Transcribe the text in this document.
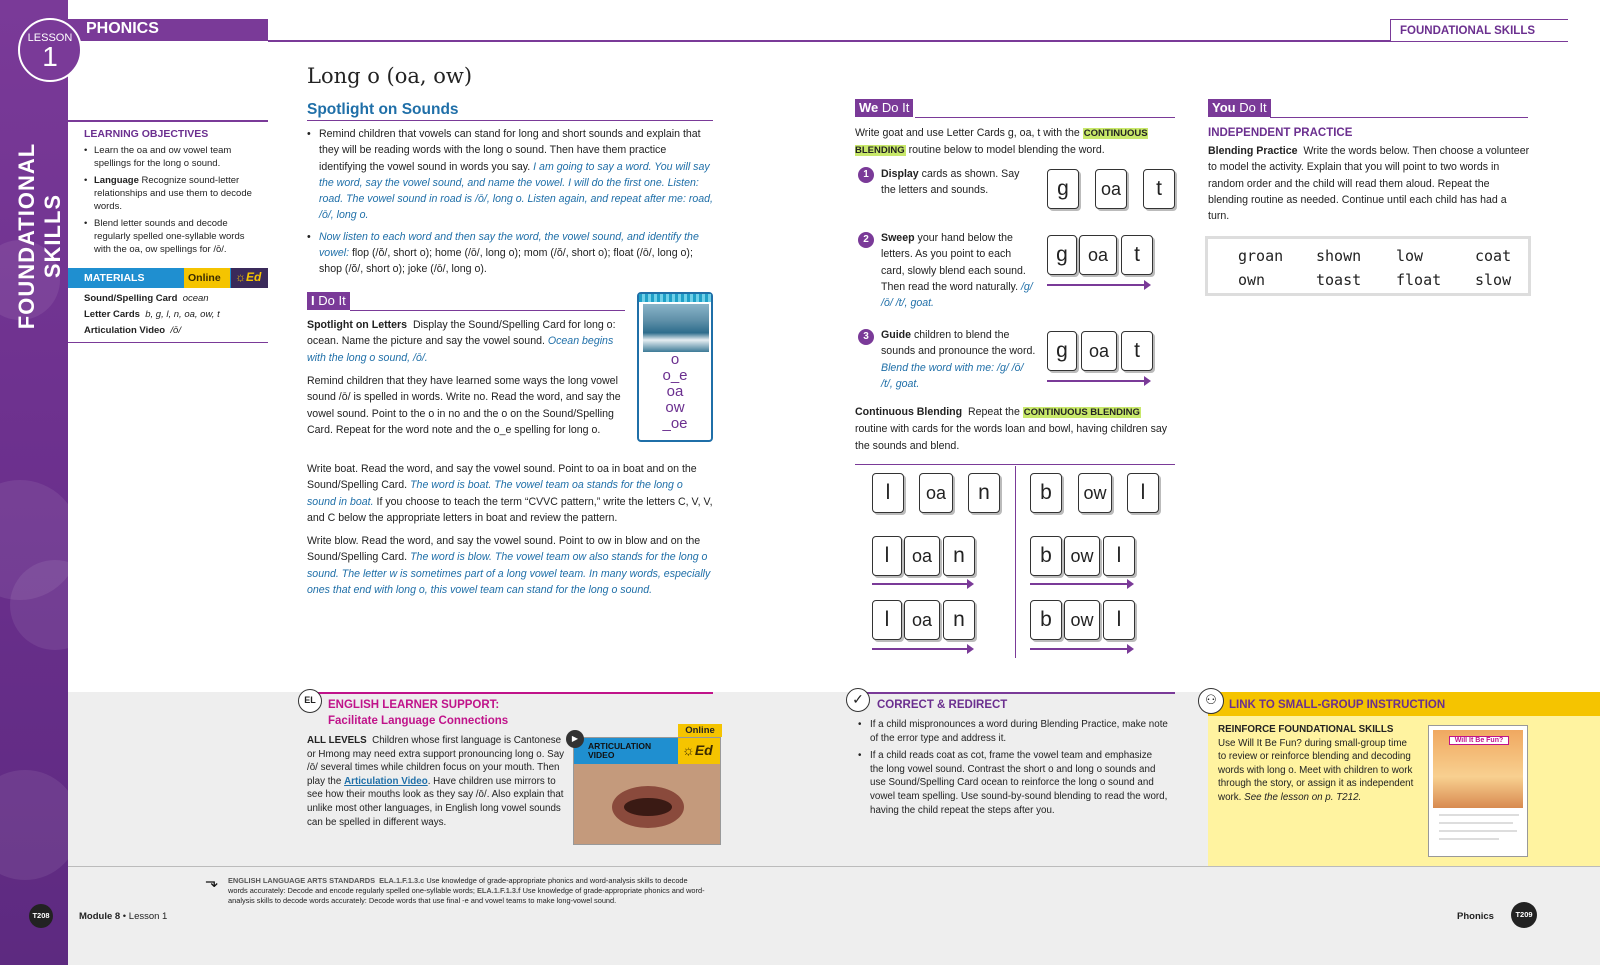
LESSON
1
FOUNDATIONAL SKILLS
PHONICS	FOUNDATIONAL SKILLS
LEARNING OBJECTIVES
• Learn the oa and ow vowel team spellings for the long o sound.
• Language Recognize sound-letter relationships and use them to decode words.
• Blend letter sounds and decode regularly spelled one-syllable words with the oa, ow spellings for /ō/.
MATERIALS	Online	☼Ed
Sound/Spelling Card ocean
Letter Cards b, g, l, n, oa, ow, t
Articulation Video /ō/
Long o (oa, ow)
Spotlight on Sounds
• Remind children that vowels can stand for long and short sounds and explain that they will be reading words with the long o sound. Then have them practice identifying the vowel sound in words you say. I am going to say a word. You will say the word, say the vowel sound, and name the vowel. I will do the first one. Listen: road. The vowel sound in road is /ō/, long o. Listen again, and repeat after me: road, /ō/, long o.
• Now listen to each word and then say the word, the vowel sound, and identify the vowel: flop (/ŏ/, short o); home (/ō/, long o); mom (/ŏ/, short o); float (/ō/, long o); shop (/ŏ/, short o); joke (/ō/, long o).
I Do It
Spotlight on Letters Display the Sound/Spelling Card for long o: ocean. Name the picture and say the vowel sound. Ocean begins with the long o sound, /ō/.
Remind children that they have learned some ways the long vowel sound /ō/ is spelled in words. Write no. Read the word, and say the vowel sound. Point to the o in no and the o on the Sound/Spelling Card. Repeat for the word note and the o_e spelling for long o.
Write boat. Read the word, and say the vowel sound. Point to oa in boat and on the Sound/Spelling Card. The word is boat. The vowel team oa stands for the long o sound in boat. If you choose to teach the term “CVVC pattern,” write the letters C, V, V, and C below the appropriate letters in boat and review the pattern.
Write blow. Read the word, and say the vowel sound. Point to ow in blow and on the Sound/Spelling Card. The word is blow. The vowel team ow also stands for the long o sound. The letter w is sometimes part of a long vowel team. In many words, especially ones that end with long o, this vowel team can stand for the long o sound.
o
o_e
oa
ow
_oe
We Do It
Write goat and use Letter Cards g, oa, t with the CONTINUOUS BLENDING routine below to model blending the word.
1	Display cards as shown. Say the letters and sounds.
2	Sweep your hand below the letters. As you point to each card, slowly blend each sound. Then read the word naturally. /g/ /ō/ /t/, goat.
3	Guide children to blend the sounds and pronounce the word. Blend the word with me: /g/ /ō/ /t/, goat.
g	oa	t
g	oa	t
g	oa	t
Continuous Blending Repeat the CONTINUOUS BLENDING routine with cards for the words loan and bowl, having children say the sounds and blend.
l	oa	n	b	ow	l
l	oa	n	b	ow	l
l	oa	n	b	ow	l
You Do It
INDEPENDENT PRACTICE
Blending Practice Write the words below. Then choose a volunteer to model the activity. Explain that you will point to two words in random order and the child will read them aloud. Repeat the blending routine as needed. Continue until each child has had a turn.
groan shown low	coat
own	toast float slow
EL	ENGLISH LEARNER SUPPORT:
Facilitate Language Connections
ALL LEVELS Children whose first language is Cantonese or Hmong may need extra support pronouncing long o. Say /ō/ several times while children focus on your mouth. Then play the Articulation Video. Have children use mirrors to see how their mouths look as they say /ō/. Also explain that unlike most other languages, in English long vowel sounds can be spelled in different ways.
ARTICULATION VIDEO	☼Ed
Online
▶
✓	CORRECT & REDIRECT
• If a child mispronounces a word during Blending Practice, make note of the error type and address it.
• If a child reads coat as cot, frame the vowel team and emphasize the long vowel sound. Contrast the short o and long o sounds and use Sound/Spelling Card ocean to reinforce the long o sound and vowel team spelling. Use sound-by-sound blending to read the word, having the child repeat the steps after you.
⚇	LINK TO SMALL-GROUP INSTRUCTION
REINFORCE FOUNDATIONAL SKILLS  Use Will It Be Fun? during small-group time to review or reinforce blending and decoding words with long o. Meet with children to work through the story, or assign it as independent work. See the lesson on p. T212.
Will It Be Fun?
⬎	ENGLISH LANGUAGE ARTS STANDARDS ELA.1.F.1.3.c Use knowledge of grade-appropriate phonics and word-analysis skills to decode words accurately: Decode and encode regularly spelled one-syllable words; ELA.1.F.1.3.f Use knowledge of grade-appropriate phonics and word-analysis skills to decode words accurately: Decode words that use final -e and vowel teams to make long-vowel sound.
T208	Module 8 • Lesson 1	Phonics	T209
